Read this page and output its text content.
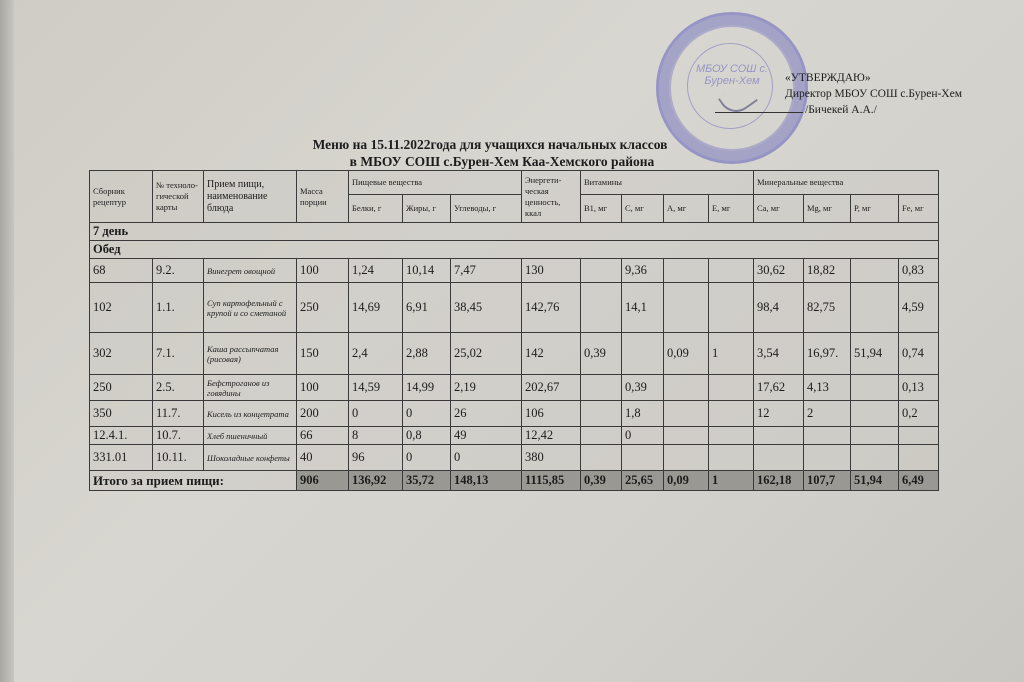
МБОУ СОШ с. Бурен-Хем	«УТВЕРЖДАЮ»
Директор МБОУ СОШ с.Бурен-Хем
/Бичекей А.А./
Меню на 15.11.2022года для учащихся начальных классов
в МБОУ СОШ с.Бурен-Хем Каа-Хемского района
Сборник рецептур	№ техноло-гической карты	Прием пищи, наименование блюда	Масса порции	Пищевые вещества			Энергети-ческая ценность, ккал	Витамины				Минеральные вещества			
				Белки, г	Жиры, г	Углеводы, г		B1, мг	C, мг	A, мг	E, мг	Ca, мг	Mg, мг	P, мг	Fe, мг
7 день															
Обед															
68	9.2.	Винегрет овощной	100	1,24	10,14	7,47	130		9,36			30,62	18,82		0,83
102	1.1.	Суп картофельный с крупой и со сметаной	250	14,69	6,91	38,45	142,76		14,1			98,4	82,75		4,59
302	7.1.	Каша рассыпчатая (рисовая)	150	2,4	2,88	25,02	142	0,39		0,09	1	3,54	16,97.	51,94	0,74
250	2.5.	Бефстроганов из говядины	100	14,59	14,99	2,19	202,67		0,39			17,62	4,13		0,13
350	11.7.	Кисель из концетрата	200	0	0	26	106		1,8			12	2		0,2
12.4.1.	10.7.	Хлеб пшеничный	66	8	0,8	49	12,42		0						
331.01	10.11.	Шоколадные конфеты	40	96	0	0	380								
Итого за прием пищи:			906	136,92	35,72	148,13	1115,85	0,39	25,65	0,09	1	162,18	107,7	51,94	6,49
